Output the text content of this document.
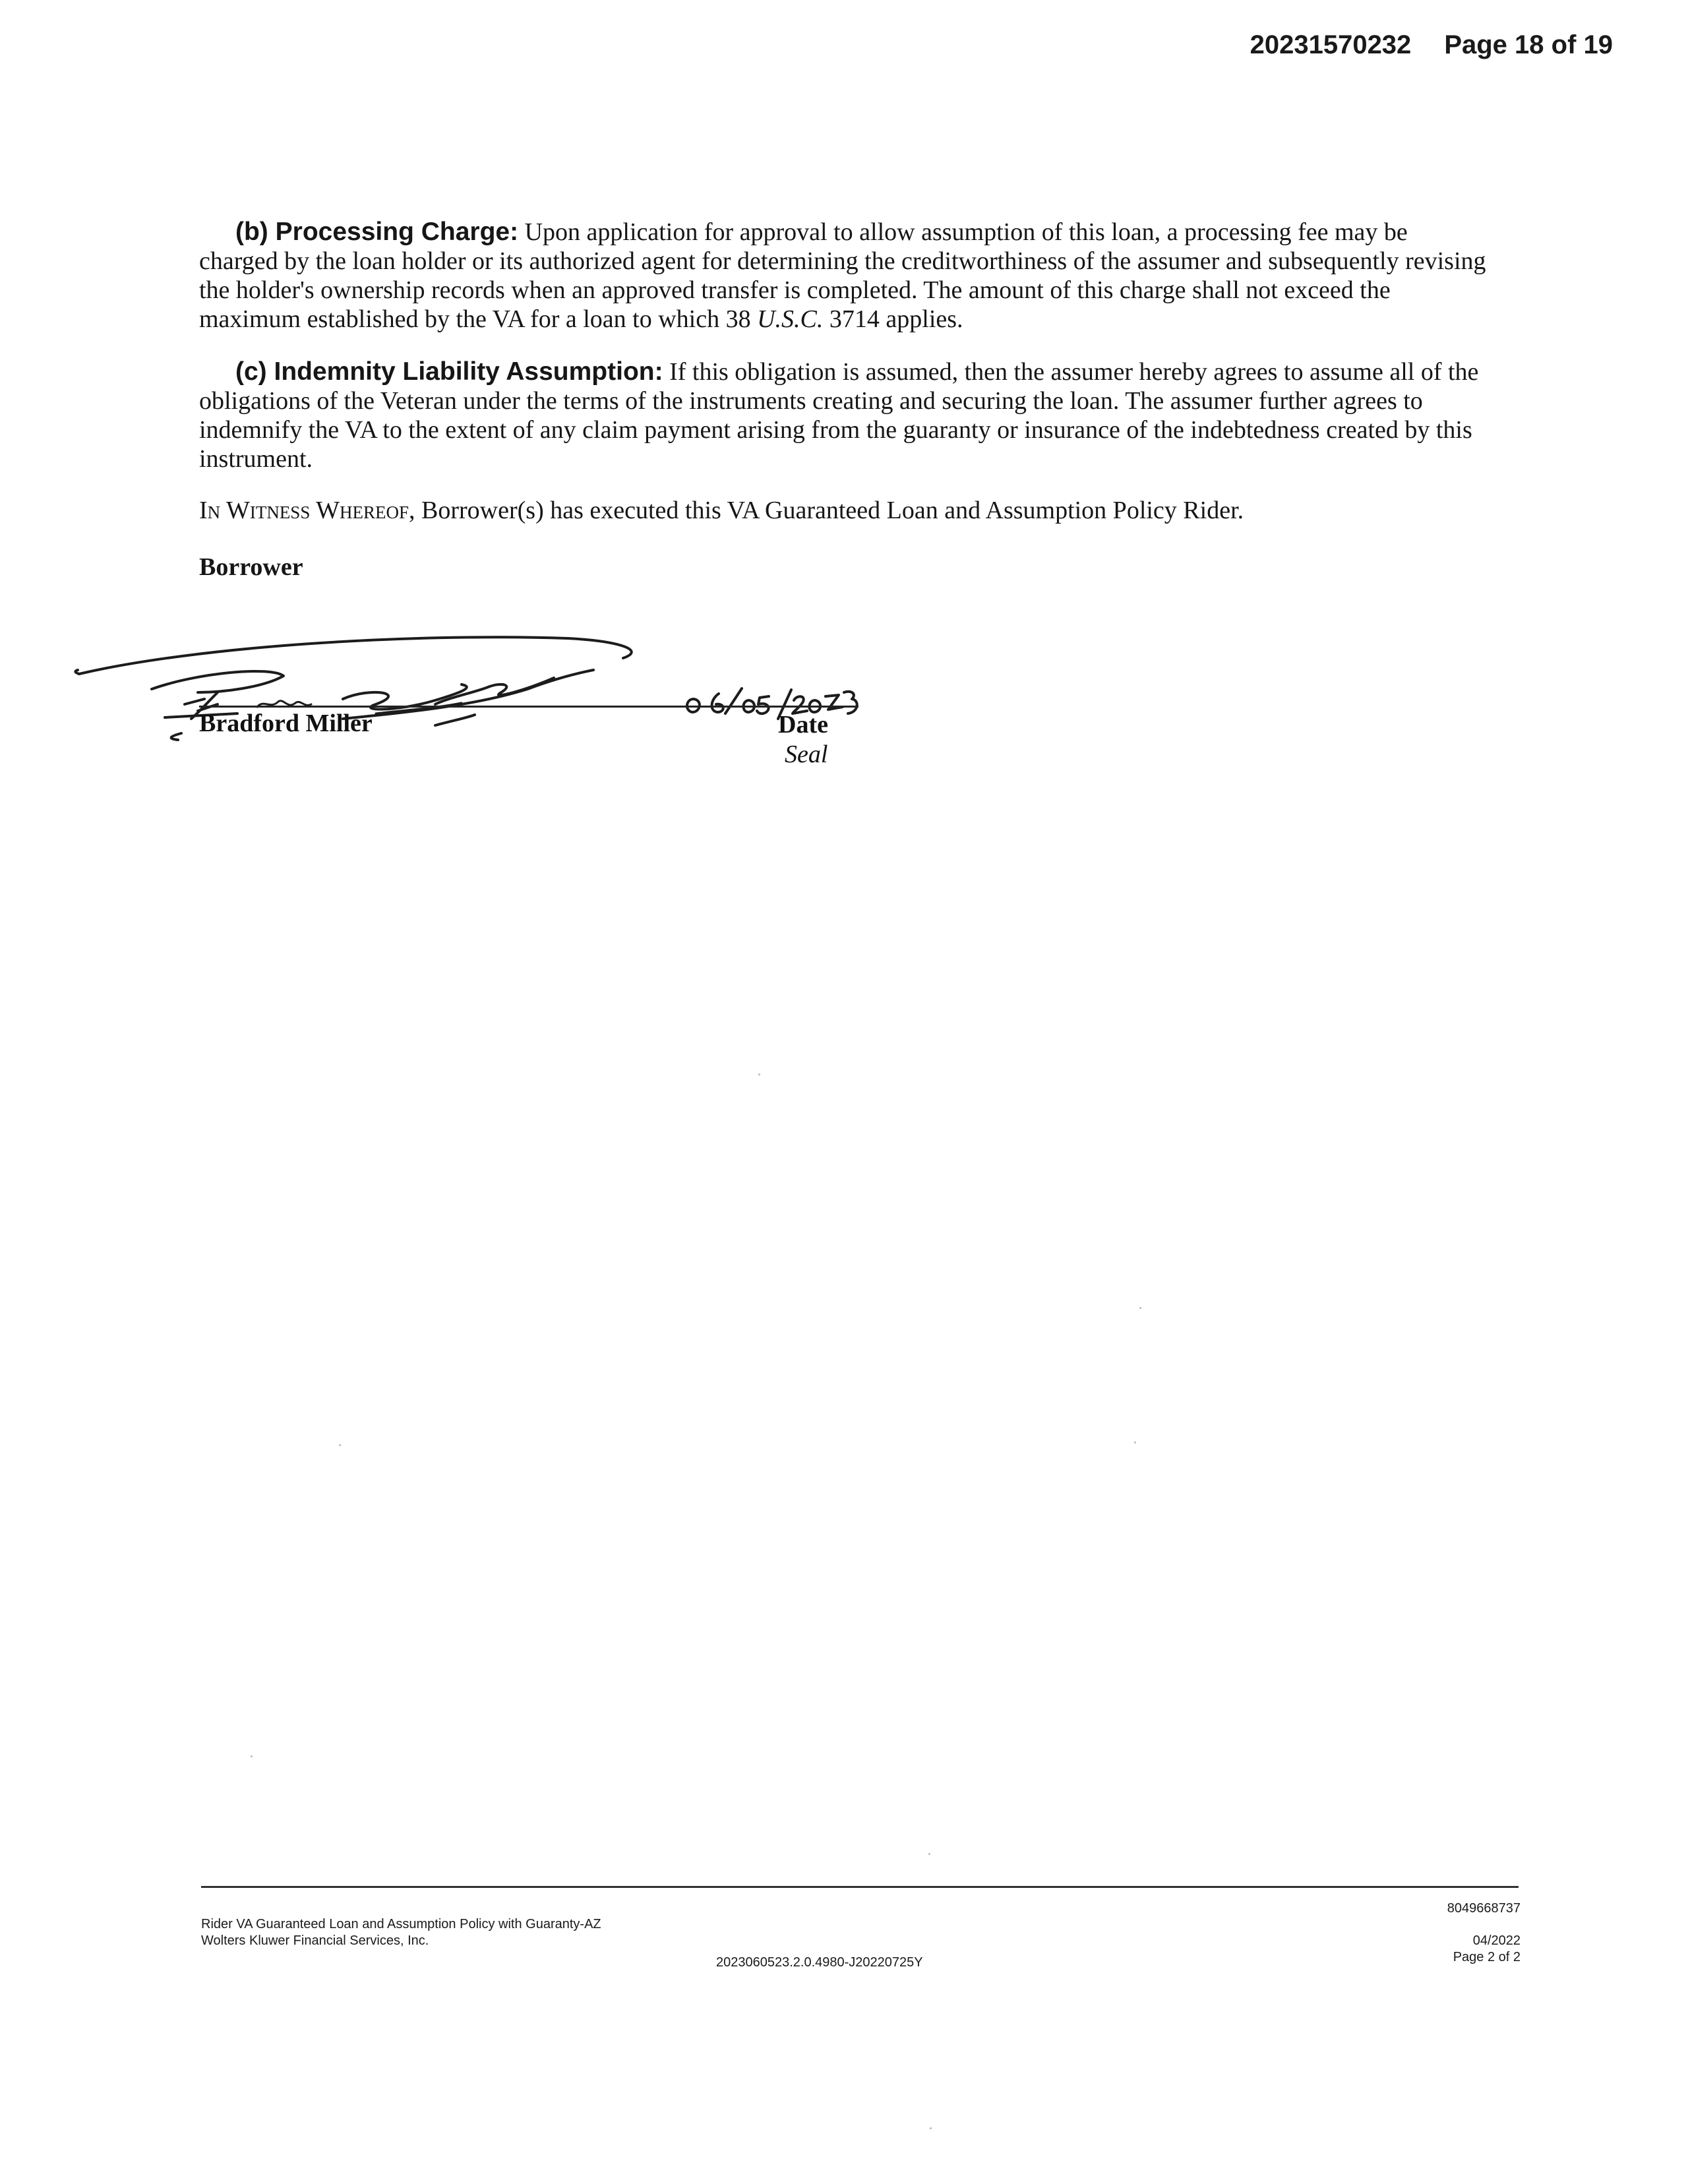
20231570232 Page 18 of 19

(b) Processing Charge: Upon application for approval to allow assumption of this loan, a processing fee may be charged by the loan holder or its authorized agent for determining the creditworthiness of the assumer and subsequently revising the holder's ownership records when an approved transfer is completed. The amount of this charge shall not exceed the maximum established by the VA for a loan to which 38 U.S.C. 3714 applies.

(c) Indemnity Liability Assumption: If this obligation is assumed, then the assumer hereby agrees to assume all of the obligations of the Veteran under the terms of the instruments creating and securing the loan. The assumer further agrees to indemnify the VA to the extent of any claim payment arising from the guaranty or insurance of the indebtedness created by this instrument.

In Witness Whereof, Borrower(s) has executed this VA Guaranteed Loan and Assumption Policy Rider.

Borrower
Bradford Miller	Date
Seal
Rider VA Guaranteed Loan and Assumption Policy with Guaranty-AZ
Wolters Kluwer Financial Services, Inc.
2023060523.2.0.4980-J20220725Y
8049668737
04/2022
Page 2 of 2
